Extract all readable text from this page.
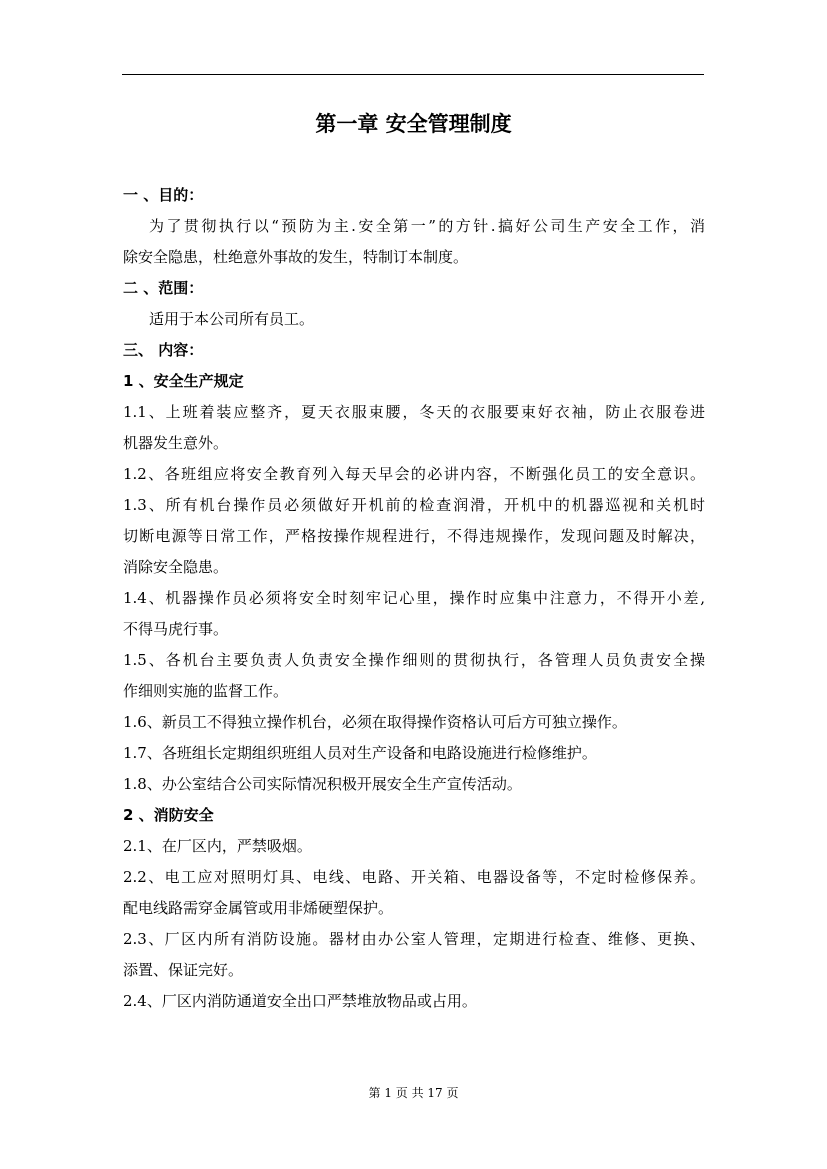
第一章 安全管理制度
一 、目的：
为了贯彻执行以“预防为主.安全第一”的方针.搞好公司生产安全工作，消
除安全隐患，杜绝意外事故的发生，特制订本制度。
二 、范围：
适用于本公司所有员工。
三、 内容：
1 、安全生产规定
1.1、上班着装应整齐，夏天衣服束腰，冬天的衣服要束好衣袖，防止衣服卷进
机器发生意外。
1.2、各班组应将安全教育列入每天早会的必讲内容，不断强化员工的安全意识。
1.3、所有机台操作员必须做好开机前的检查润滑，开机中的机器巡视和关机时
切断电源等日常工作，严格按操作规程进行，不得违规操作，发现问题及时解决，
消除安全隐患。
1.4、机器操作员必须将安全时刻牢记心里，操作时应集中注意力，不得开小差,
不得马虎行事。
1.5、各机台主要负责人负责安全操作细则的贯彻执行，各管理人员负责安全操
作细则实施的监督工作。
1.6、新员工不得独立操作机台，必须在取得操作资格认可后方可独立操作。
1.7、各班组长定期组织班组人员对生产设备和电路设施进行检修维护。
1.8、办公室结合公司实际情况积极开展安全生产宣传活动。
2 、消防安全
2.1、在厂区内，严禁吸烟。
2.2、电工应对照明灯具、电线、电路、开关箱、电器设备等，不定时检修保养。
配电线路需穿金属管或用非烯硬塑保护。
2.3、厂区内所有消防设施。器材由办公室人管理，定期进行检查、维修、更换、
添置、保证完好。
2.4、厂区内消防通道安全出口严禁堆放物品或占用。
第 1 页 共 17 页
